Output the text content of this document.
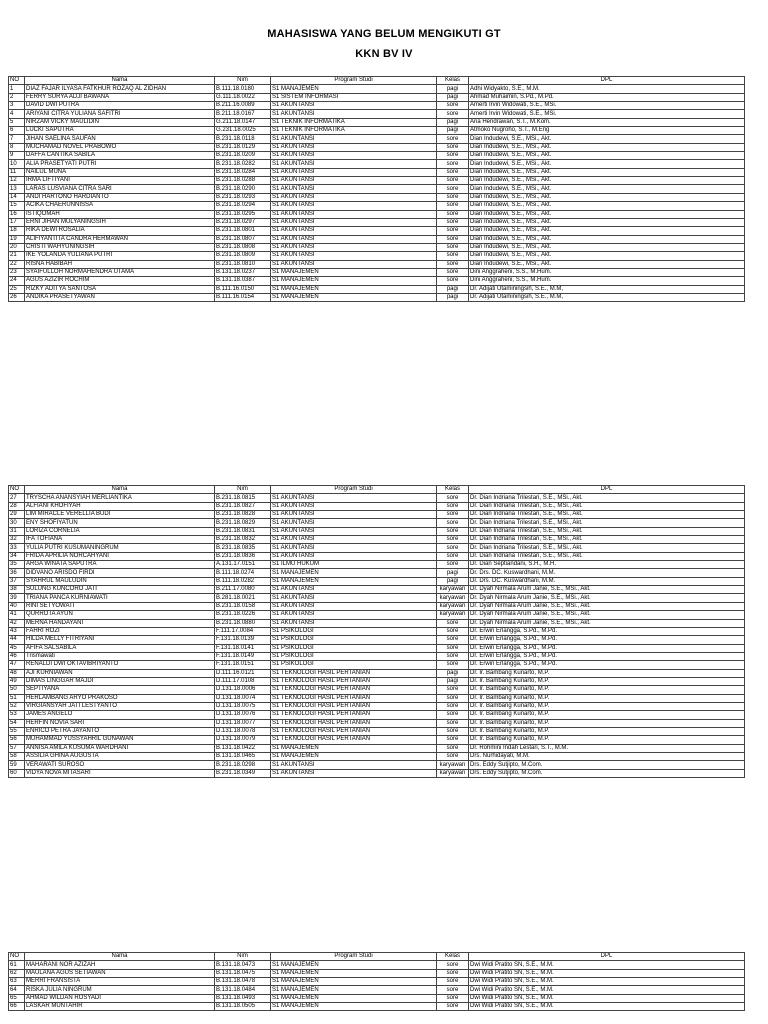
MAHASISWA YANG BELUM MENGIKUTI GT
KKN BV IV
NO	Nama	Nim	Program Studi	Kelas	DPL
1	DIAZ FAJAR ILYASA FATKHUR ROZAQ AL ZIDHAN	B.111.18.0180	S1 MANAJEMEN	pagi	Adhi Widyakto, S.E., M.M.
2	FERRY SURYA ADJI BAWANA	G.111.18.0022	S1 SISTEM INFORMASI	pagi	Ahmad Muhaimin, S.Pd., M.Pd.
3	DAVID DWI PUTRA	B.211.16.0089	S1 AKUNTANSI	sore	Amerti Irvin Widowati, S.E., MSi.
4	ARIYANI CITRA YULIANA SAFITRI	B.211.18.0167	S1 AKUNTANSI	sore	Amerti Irvin Widowati, S.E., MSi.
5	NIRZAM VICKY MAULIDIN	G.211.18.0147	S1 TEKNIK INFORMATIKA	pagi	Aria Hendrawan, S.T., M.Kom.
6	LUCKI SAPUTRA	G.231.18.0025	S1 TEKNIK INFORMATIKA	pagi	Atmoko Nugroho, S.T., M.Eng
7	JIHAN SAELINA SAUFAN	B.231.18.0118	S1 AKUNTANSI	sore	Dian Indudewi, S.E., MSi., Akt.
8	MUCHAMAD NOVEL PRABOWO	B.231.18.0129	S1 AKUNTANSI	sore	Dian Indudewi, S.E., MSi., Akt.
9	DAFFA CANTIKA SABILA	B.231.18.0209	S1 AKUNTANSI	sore	Dian Indudewi, S.E., MSi., Akt.
10	ALIA PRASETYATI PUTRI	B.231.18.0282	S1 AKUNTANSI	sore	Dian Indudewi, S.E., MSi., Akt.
11	NAILUL MUNA	B.231.18.0284	S1 AKUNTANSI	sore	Dian Indudewi, S.E., MSi., Akt.
12	IRMA LIFTIYANI	B.231.18.0288	S1 AKUNTANSI	sore	Dian Indudewi, S.E., MSi., Akt.
13	LARAS LUSVIANA CITRA SARI	B.231.18.0290	S1 AKUNTANSI	sore	Dian Indudewi, S.E., MSi., Akt.
14	ANDI HARTONO HARDIANTO	B.231.18.0293	S1 AKUNTANSI	sore	Dian Indudewi, S.E., MSi., Akt.
15	ACIKA CHAERUNNISSA	B.231.18.0294	S1 AKUNTANSI	sore	Dian Indudewi, S.E., MSi., Akt.
16	ISTIQOMAH	B.231.18.0295	S1 AKUNTANSI	sore	Dian Indudewi, S.E., MSi., Akt.
17	ERNI JIHAN MULYANINGSIH	B.231.18.0297	S1 AKUNTANSI	sore	Dian Indudewi, S.E., MSi., Akt.
18	RIKA DEWI ROSALIA	B.231.18.0801	S1 AKUNTANSI	sore	Dian Indudewi, S.E., MSi., Akt.
19	ALIFIYANTITA CANDRA HERMAWAN	B.231.18.0807	S1 AKUNTANSI	sore	Dian Indudewi, S.E., MSi., Akt.
20	CRISTI WAHYUNINGSIH	B.231.18.0808	S1 AKUNTANSI	sore	Dian Indudewi, S.E., MSi., Akt.
21	IKE YOLANDA YULIANA PUTRI	B.231.18.0809	S1 AKUNTANSI	sore	Dian Indudewi, S.E., MSi., Akt.
22	RISNA HABIBAH	B.231.18.0810	S1 AKUNTANSI	sore	Dian Indudewi, S.E., MSi., Akt.
23	SYAIFULLOH NORMAHENDRA UTAMA	B.131.18.0237	S1 MANAJEMEN	sore	Dini Anggraheni, S.S., M.Hum.
24	AGUS AZIZIR ROCHIM	B.131.18.0387	S1 MANAJEMEN	sore	Dini Anggraheni, S.S., M.Hum.
25	RIZKY ADITYA SANTOSA	B.111.16.0150	S1 MANAJEMEN	pagi	Dr. Adijati Utaminingsih, S.E., M.M,
26	ANDIKA PRASETYAWAN	B.111.16.0154	S1 MANAJEMEN	pagi	Dr. Adijati Utaminingsih, S.E., M.M,
NO	Nama	Nim	Program Studi	Kelas	DPL
27	TRYSCHA ANANSYIAH MERLIANTIKA	B.231.18.0815	S1 AKUNTANSI	sore	Dr. Dian Indriana Trilestari, S.E., MSi., Akt.
28	ALFIANI KHOFIYAH	B.231.18.0827	S1 AKUNTANSI	sore	Dr. Dian Indriana Trilestari, S.E., MSi., Akt.
29	LIM MIRACLE VERELLIA BUDI	B.231.18.0828	S1 AKUNTANSI	sore	Dr. Dian Indriana Trilestari, S.E., MSi., Akt.
30	ENY SHOFIYATUN	B.231.18.0829	S1 AKUNTANSI	sore	Dr. Dian Indriana Trilestari, S.E., MSi., Akt.
31	LORIZA CORNELIA	B.231.18.0831	S1 AKUNTANSI	sore	Dr. Dian Indriana Trilestari, S.E., MSi., Akt.
32	IFA TOFIANA	B.231.18.0832	S1 AKUNTANSI	sore	Dr. Dian Indriana Trilestari, S.E., MSi., Akt.
33	YULIA PUTRI KUSUMANINGRUM	B.231.18.0835	S1 AKUNTANSI	sore	Dr. Dian Indriana Trilestari, S.E., MSi., Akt.
34	FRIDA APRILIA NORCAHYANI	B.231.18.0836	S1 AKUNTANSI	sore	Dr. Dian Indriana Trilestari, S.E., MSi., Akt.
35	ARGA WINATA SAPUTRA	A.131.17.0151	S1 ILMU HUKUM	sore	Dr. Dian Septiandani, S.H., M.H.
36	DIDVANO ARISDO FIRDI	B.111.18.0274	S1 MANAJEMEN	pagi	Dr. Drs. DC. Kuswardhani, M.M.
37	SYAHRUL MAULUDIN	B.111.18.0282	S1 MANAJEMEN	pagi	Dr. Drs. DC. Kuswardhani, M.M.
38	SULUNG KUNCORO JATI	B.211.17.0080	S1 AKUNTANSI	karyawan	Dr. Dyah Nirmala Arum Janie, S.E., MSi., Akt.
39	TRIANA PANCA KURNIAWATI	B.281.18.0021	S1 AKUNTANSI	karyawan	Dr. Dyah Nirmala Arum Janie, S.E., MSi., Akt.
40	RINI SETYOWATI	B.231.18.0158	S1 AKUNTANSI	karyawan	Dr. Dyah Nirmala Arum Janie, S.E., MSi., Akt.
41	QURROTA AYUN	B.231.18.0226	S1 AKUNTANSI	karyawan	Dr. Dyah Nirmala Arum Janie, S.E., MSi., Akt.
42	MERNA HANDAYANI	B.231.18.0880	S1 AKUNTANSI	sore	Dr. Dyah Nirmala Arum Janie, S.E., MSi., Akt.
43	FAHRI ROZI	F.111.17.0084	S1 PSIKOLOGI	sore	Dr. Erwin Erlangga, S.Pd., M.Pd.
44	HILDA MELLY FITRIYANI	F.131.18.0139	S1 PSIKOLOGI	sore	Dr. Erwin Erlangga, S.Pd., M.Pd.
45	AFIFA SALSABILA	F.131.18.0141	S1 PSIKOLOGI	sore	Dr. Erwin Erlangga, S.Pd., M.Pd.
46	Trismawati	F.131.18.0149	S1 PSIKOLOGI	sore	Dr. Erwin Erlangga, S.Pd., M.Pd.
47	RENALDI DWI OKTAVIBRIYANTO	F.131.18.0151	S1 PSIKOLOGI	sore	Dr. Erwin Erlangga, S.Pd., M.Pd.
48	AJI KURNIAWAN	D.111.16.0121	S1 TEKNOLOGI HASIL PERTANIAN	pagi	Dr. Ir. Bambang Kunarto, M.P.
49	DIMAS LINGGAR MAJDI	D.111.17.0108	S1 TEKNOLOGI HASIL PERTANIAN	pagi	Dr. Ir. Bambang Kunarto, M.P.
50	SEPTIYANA	D.131.18.0006	S1 TEKNOLOGI HASIL PERTANIAN	sore	Dr. Ir. Bambang Kunarto, M.P.
51	HERLAMBANG ARYO PRAKOSO	D.131.18.0074	S1 TEKNOLOGI HASIL PERTANIAN	sore	Dr. Ir. Bambang Kunarto, M.P.
52	VIRGIANSYAH JATI LESTYANTO	D.131.18.0075	S1 TEKNOLOGI HASIL PERTANIAN	sore	Dr. Ir. Bambang Kunarto, M.P.
53	JAMES ANGELO	D.131.18.0076	S1 TEKNOLOGI HASIL PERTANIAN	sore	Dr. Ir. Bambang Kunarto, M.P.
54	HERFIN NOVIA SARI	D.131.18.0077	S1 TEKNOLOGI HASIL PERTANIAN	sore	Dr. Ir. Bambang Kunarto, M.P.
55	ENRICO PETRA JAYANTO	D.131.18.0078	S1 TEKNOLOGI HASIL PERTANIAN	sore	Dr. Ir. Bambang Kunarto, M.P.
56	MUHAMMAD YUSSYAHRIL GUNAWAN	D.131.18.0079	S1 TEKNOLOGI HASIL PERTANIAN	sore	Dr. Ir. Bambang Kunarto, M.P.
57	ANNISA AMILA KUSUMA WARDHANI	B.131.18.0422	S1 MANAJEMEN	sore	Dr. Rohmini Indah Lestari, S.T., M.M.
58	ASSILIA GHINA AUGUSTA	B.131.18.0465	S1 MANAJEMEN	sore	Drs. Nurhidayati, M.M.
59	VERAWATI SUROSO	B.231.18.0298	S1 AKUNTANSI	karyawan	Drs. Eddy Sutjipto, M.Com.
60	VIDYA NOVA MITASARI	B.231.18.0349	S1 AKUNTANSI	karyawan	Drs. Eddy Sutjipto, M.Com.
NO	Nama	Nim	Program Studi	Kelas	DPL
61	MAHARANI NOR AZIZAH	B.131.18.0473	S1 MANAJEMEN	sore	Dwi Widi Pratito SN, S.E., M.M.
62	MAULANA AGUS SETIAWAN	B.131.18.0475	S1 MANAJEMEN	sore	Dwi Widi Pratito SN, S.E., M.M.
63	MERRI FRANSISTA	B.131.18.0478	S1 MANAJEMEN	sore	Dwi Widi Pratito SN, S.E., M.M.
64	RISKA JULIA NINGRUM	B.131.18.0484	S1 MANAJEMEN	sore	Dwi Widi Pratito SN, S.E., M.M.
65	AHMAD WILDAN ROSYADI	B.131.18.0493	S1 MANAJEMEN	sore	Dwi Widi Pratito SN, S.E., M.M.
66	LASKAR MUNTAHIR	B.131.18.0505	S1 MANAJEMEN	sore	Dwi Widi Pratito SN, S.E., M.M.
